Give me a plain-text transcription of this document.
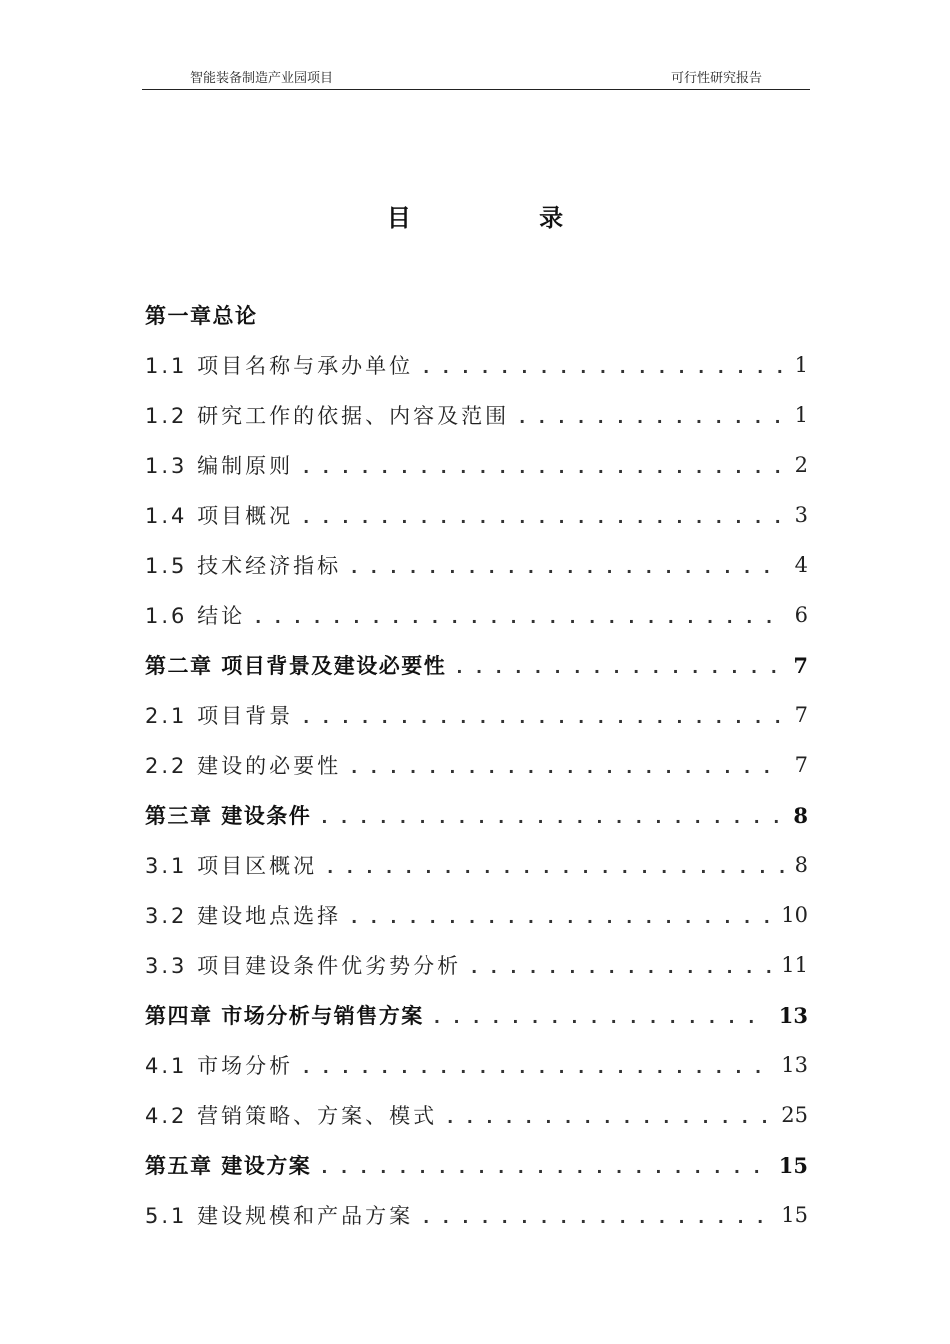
智能装备制造产业园项目	可行性研究报告
目 录
第一章总论
1.1 项目名称与承办单位 . . .	1
1.2 研究工作的依据、内容及范围 . . .	1
1.3 编制原则 . . .	2
1.4 项目概况 . . .	3
1.5 技术经济指标 . . .	4
1.6 结论 . . .	6
第二章 项目背景及建设必要性 . . .	7
2.1 项目背景 . . .	7
2.2 建设的必要性 . . .	7
第三章 建设条件 . . .	8
3.1 项目区概况 . . .	8
3.2 建设地点选择 . . .	10
3.3 项目建设条件优劣势分析 . . .	11
第四章 市场分析与销售方案 . . .	13
4.1 市场分析 . . .	13
4.2 营销策略、方案、模式 . . .	25
第五章 建设方案 . . .	15
5.1 建设规模和产品方案 . . .	15
